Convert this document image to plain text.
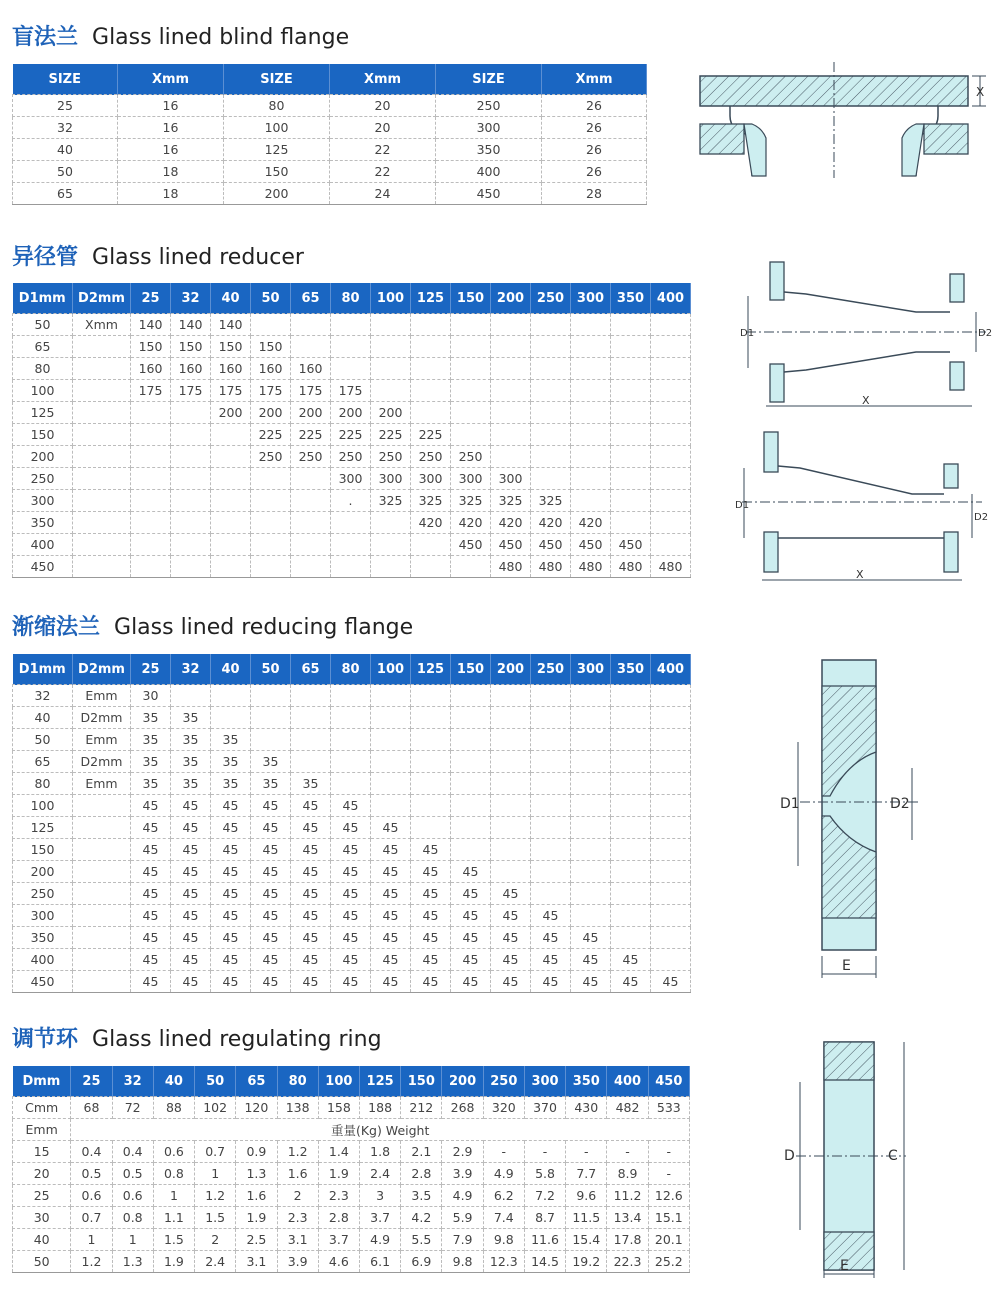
盲法兰 Glass lined blind flange
SIZE	Xmm	SIZE	Xmm	SIZE	Xmm
25	16	80	20	250	26
32	16	100	20	300	26
40	16	125	22	350	26
50	18	150	22	400	26
65	18	200	24	450	28
X
异径管 Glass lined reducer
D1mm	D2mm	25	32	40	50	65	80	100	125	150	200	250	300	350	400
50	Xmm	140	140	140											
65		150	150	150	150										
80		160	160	160	160	160									
100		175	175	175	175	175	175								
125				200	200	200	200	200							
150					225	225	225	225	225						
200					250	250	250	250	250	250					
250							300	300	300	300	300				
300							.	325	325	325	325	325			
350									420	420	420	420	420		
400										450	450	450	450	450	
450											480	480	480	480	480
D1	D2
X
D1
D2
X
渐缩法兰 Glass lined reducing flange
D1mm	D2mm	25	32	40	50	65	80	100	125	150	200	250	300	350	400
32	Emm	30													
40	D2mm	35	35												
50	Emm	35	35	35											
65	D2mm	35	35	35	35										
80	Emm	35	35	35	35	35									
100		45	45	45	45	45	45								
125		45	45	45	45	45	45	45							
150		45	45	45	45	45	45	45	45						
200		45	45	45	45	45	45	45	45	45					
250		45	45	45	45	45	45	45	45	45	45				
300		45	45	45	45	45	45	45	45	45	45	45			
350		45	45	45	45	45	45	45	45	45	45	45	45		
400		45	45	45	45	45	45	45	45	45	45	45	45	45	
450		45	45	45	45	45	45	45	45	45	45	45	45	45	45
D1	D2
E
调节环 Glass lined regulating ring
Dmm	25	32	40	50	65	80	100	125	150	200	250	300	350	400	450
Cmm	68	72	88	102	120	138	158	188	212	268	320	370	430	482	533
Emm	重量(Kg) Weight														
15	0.4	0.4	0.6	0.7	0.9	1.2	1.4	1.8	2.1	2.9	-	-	-	-	-
20	0.5	0.5	0.8	1	1.3	1.6	1.9	2.4	2.8	3.9	4.9	5.8	7.7	8.9	-
25	0.6	0.6	1	1.2	1.6	2	2.3	3	3.5	4.9	6.2	7.2	9.6	11.2	12.6
30	0.7	0.8	1.1	1.5	1.9	2.3	2.8	3.7	4.2	5.9	7.4	8.7	11.5	13.4	15.1
40	1	1	1.5	2	2.5	3.1	3.7	4.9	5.5	7.9	9.8	11.6	15.4	17.8	20.1
50	1.2	1.3	1.9	2.4	3.1	3.9	4.6	6.1	6.9	9.8	12.3	14.5	19.2	22.3	25.2
D	C
E
